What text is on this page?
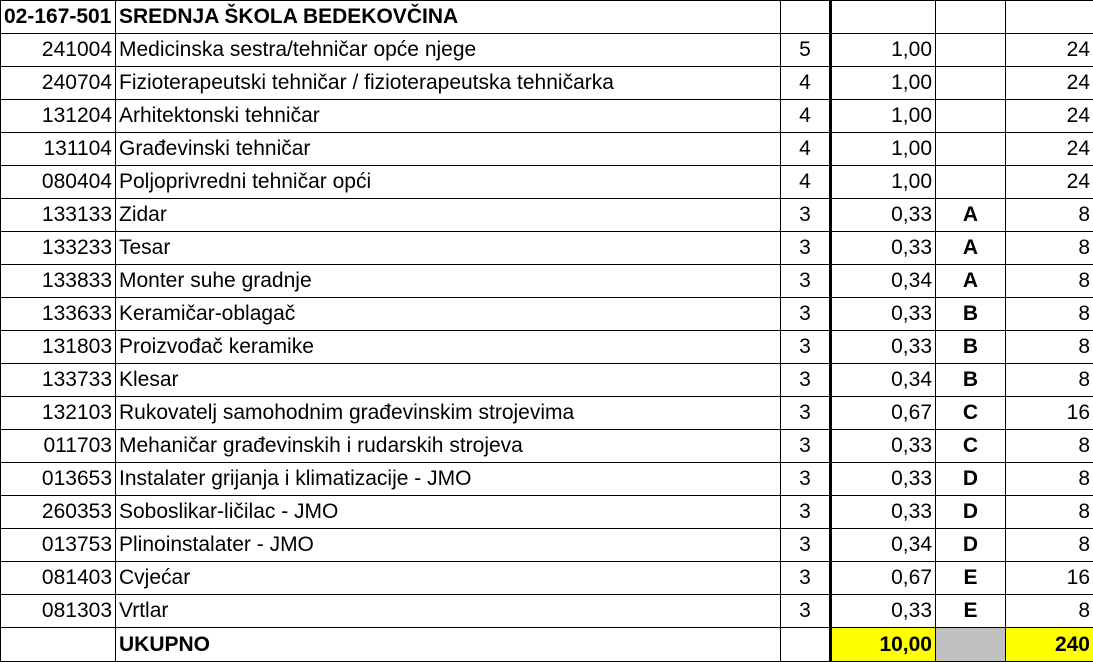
02-167-501	SREDNJA ŠKOLA BEDEKOVČINA				
241004	Medicinska sestra/tehničar opće njege	5	1,00		24
240704	Fizioterapeutski tehničar / fizioterapeutska tehničarka	4	1,00		24
131204	Arhitektonski tehničar	4	1,00		24
131104	Građevinski tehničar	4	1,00		24
080404	Poljoprivredni tehničar opći	4	1,00		24
133133	Zidar	3	0,33	A	8
133233	Tesar	3	0,33	A	8
133833	Monter suhe gradnje	3	0,34	A	8
133633	Keramičar-oblagač	3	0,33	B	8
131803	Proizvođač keramike	3	0,33	B	8
133733	Klesar	3	0,34	B	8
132103	Rukovatelj samohodnim građevinskim strojevima	3	0,67	C	16
011703	Mehaničar građevinskih i rudarskih strojeva	3	0,33	C	8
013653	Instalater grijanja i klimatizacije - JMO	3	0,33	D	8
260353	Soboslikar-ličilac - JMO	3	0,33	D	8
013753	Plinoinstalater - JMO	3	0,34	D	8
081403	Cvjećar	3	0,67	E	16
081303	Vrtlar	3	0,33	E	8
	UKUPNO		10,00		240
